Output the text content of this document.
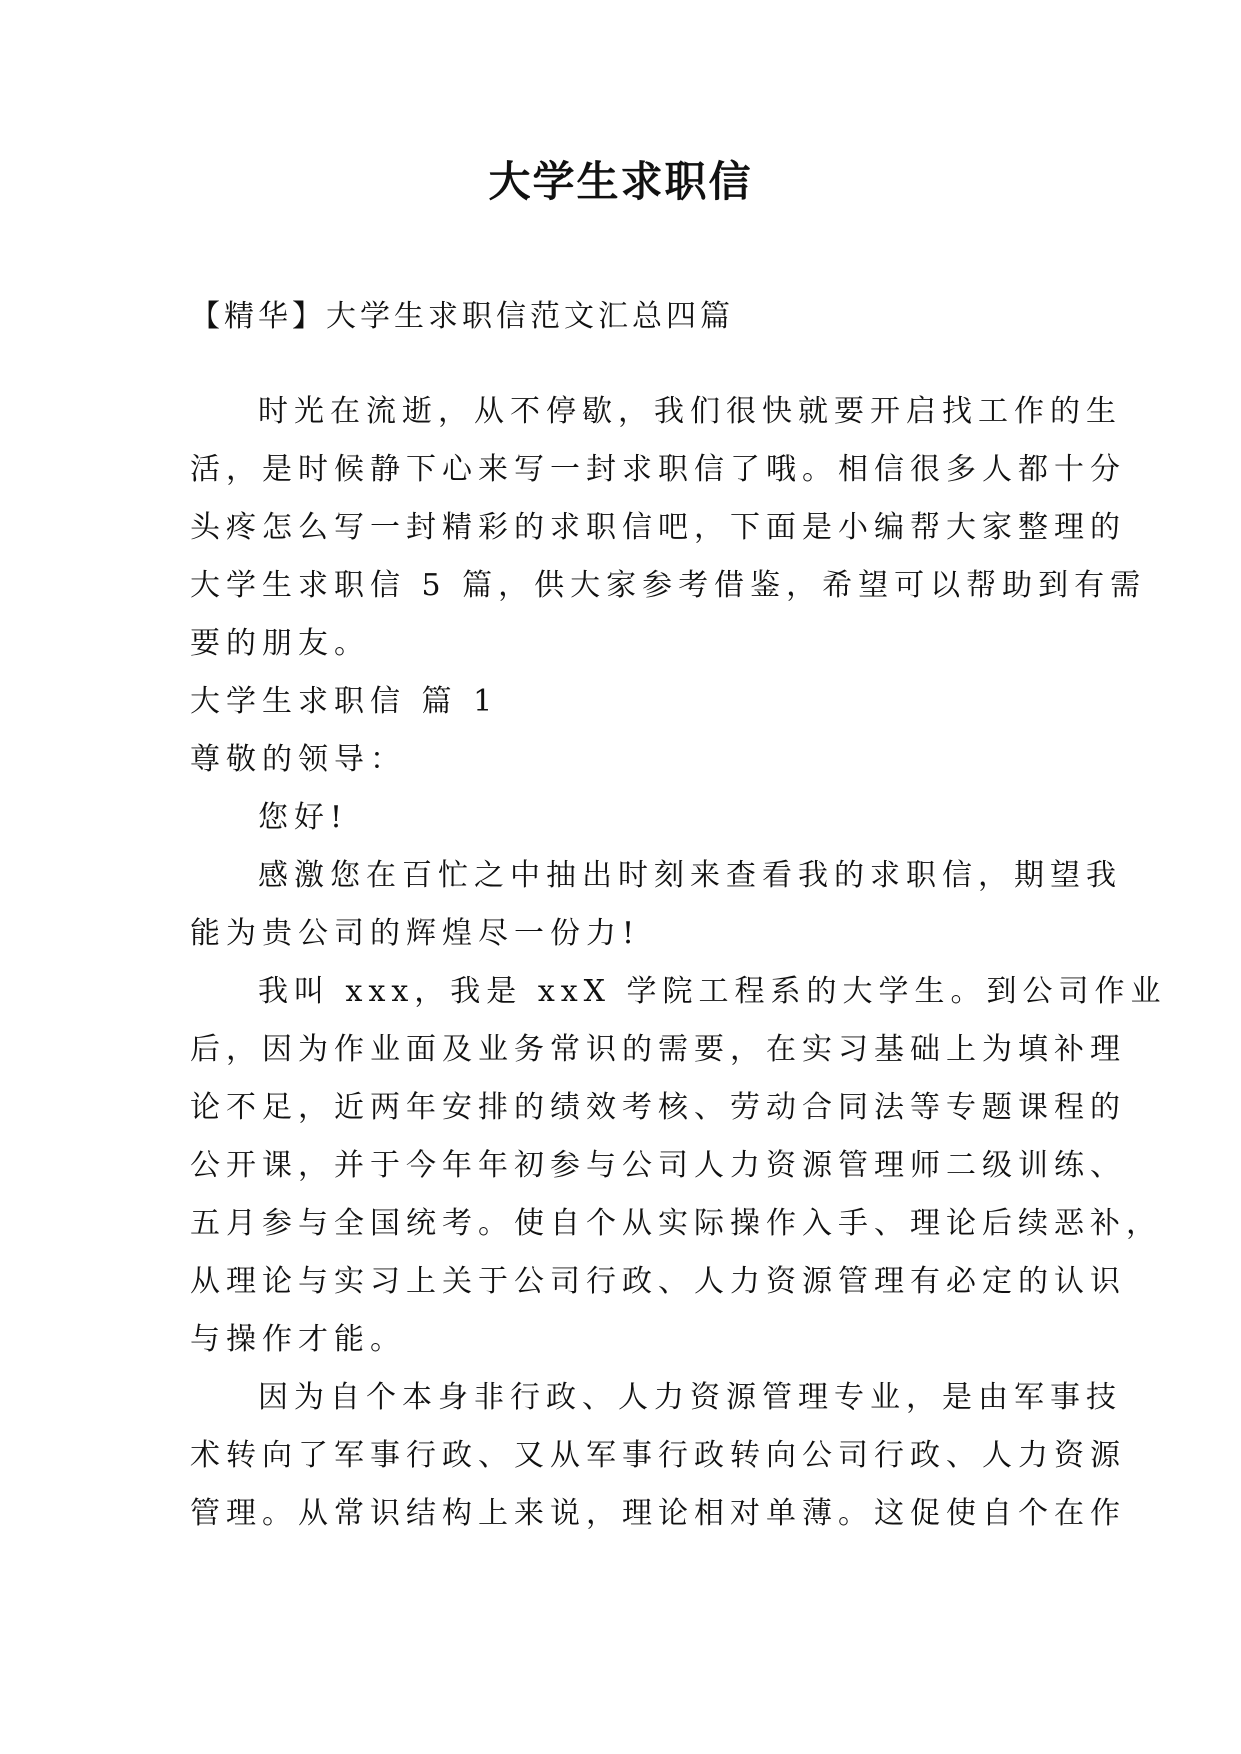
大学生求职信

【精华】大学生求职信范文汇总四篇

时光在流逝，从不停歇，我们很快就要开启找工作的生

活，是时候静下心来写一封求职信了哦。相信很多人都十分

头疼怎么写一封精彩的求职信吧，下面是小编帮大家整理的

大学生求职信 5 篇，供大家参考借鉴，希望可以帮助到有需

要的朋友。

大学生求职信 篇 1

尊敬的领导：

您好!

感激您在百忙之中抽出时刻来查看我的求职信，期望我

能为贵公司的辉煌尽一份力!

我叫 xxx，我是 xxX 学院工程系的大学生。到公司作业

后，因为作业面及业务常识的需要，在实习基础上为填补理

论不足，近两年安排的绩效考核、劳动合同法等专题课程的

公开课，并于今年年初参与公司人力资源管理师二级训练、

五月参与全国统考。使自个从实际操作入手、理论后续恶补，

从理论与实习上关于公司行政、人力资源管理有必定的认识

与操作才能。

因为自个本身非行政、人力资源管理专业，是由军事技

术转向了军事行政、又从军事行政转向公司行政、人力资源

管理。从常识结构上来说，理论相对单薄。这促使自个在作
